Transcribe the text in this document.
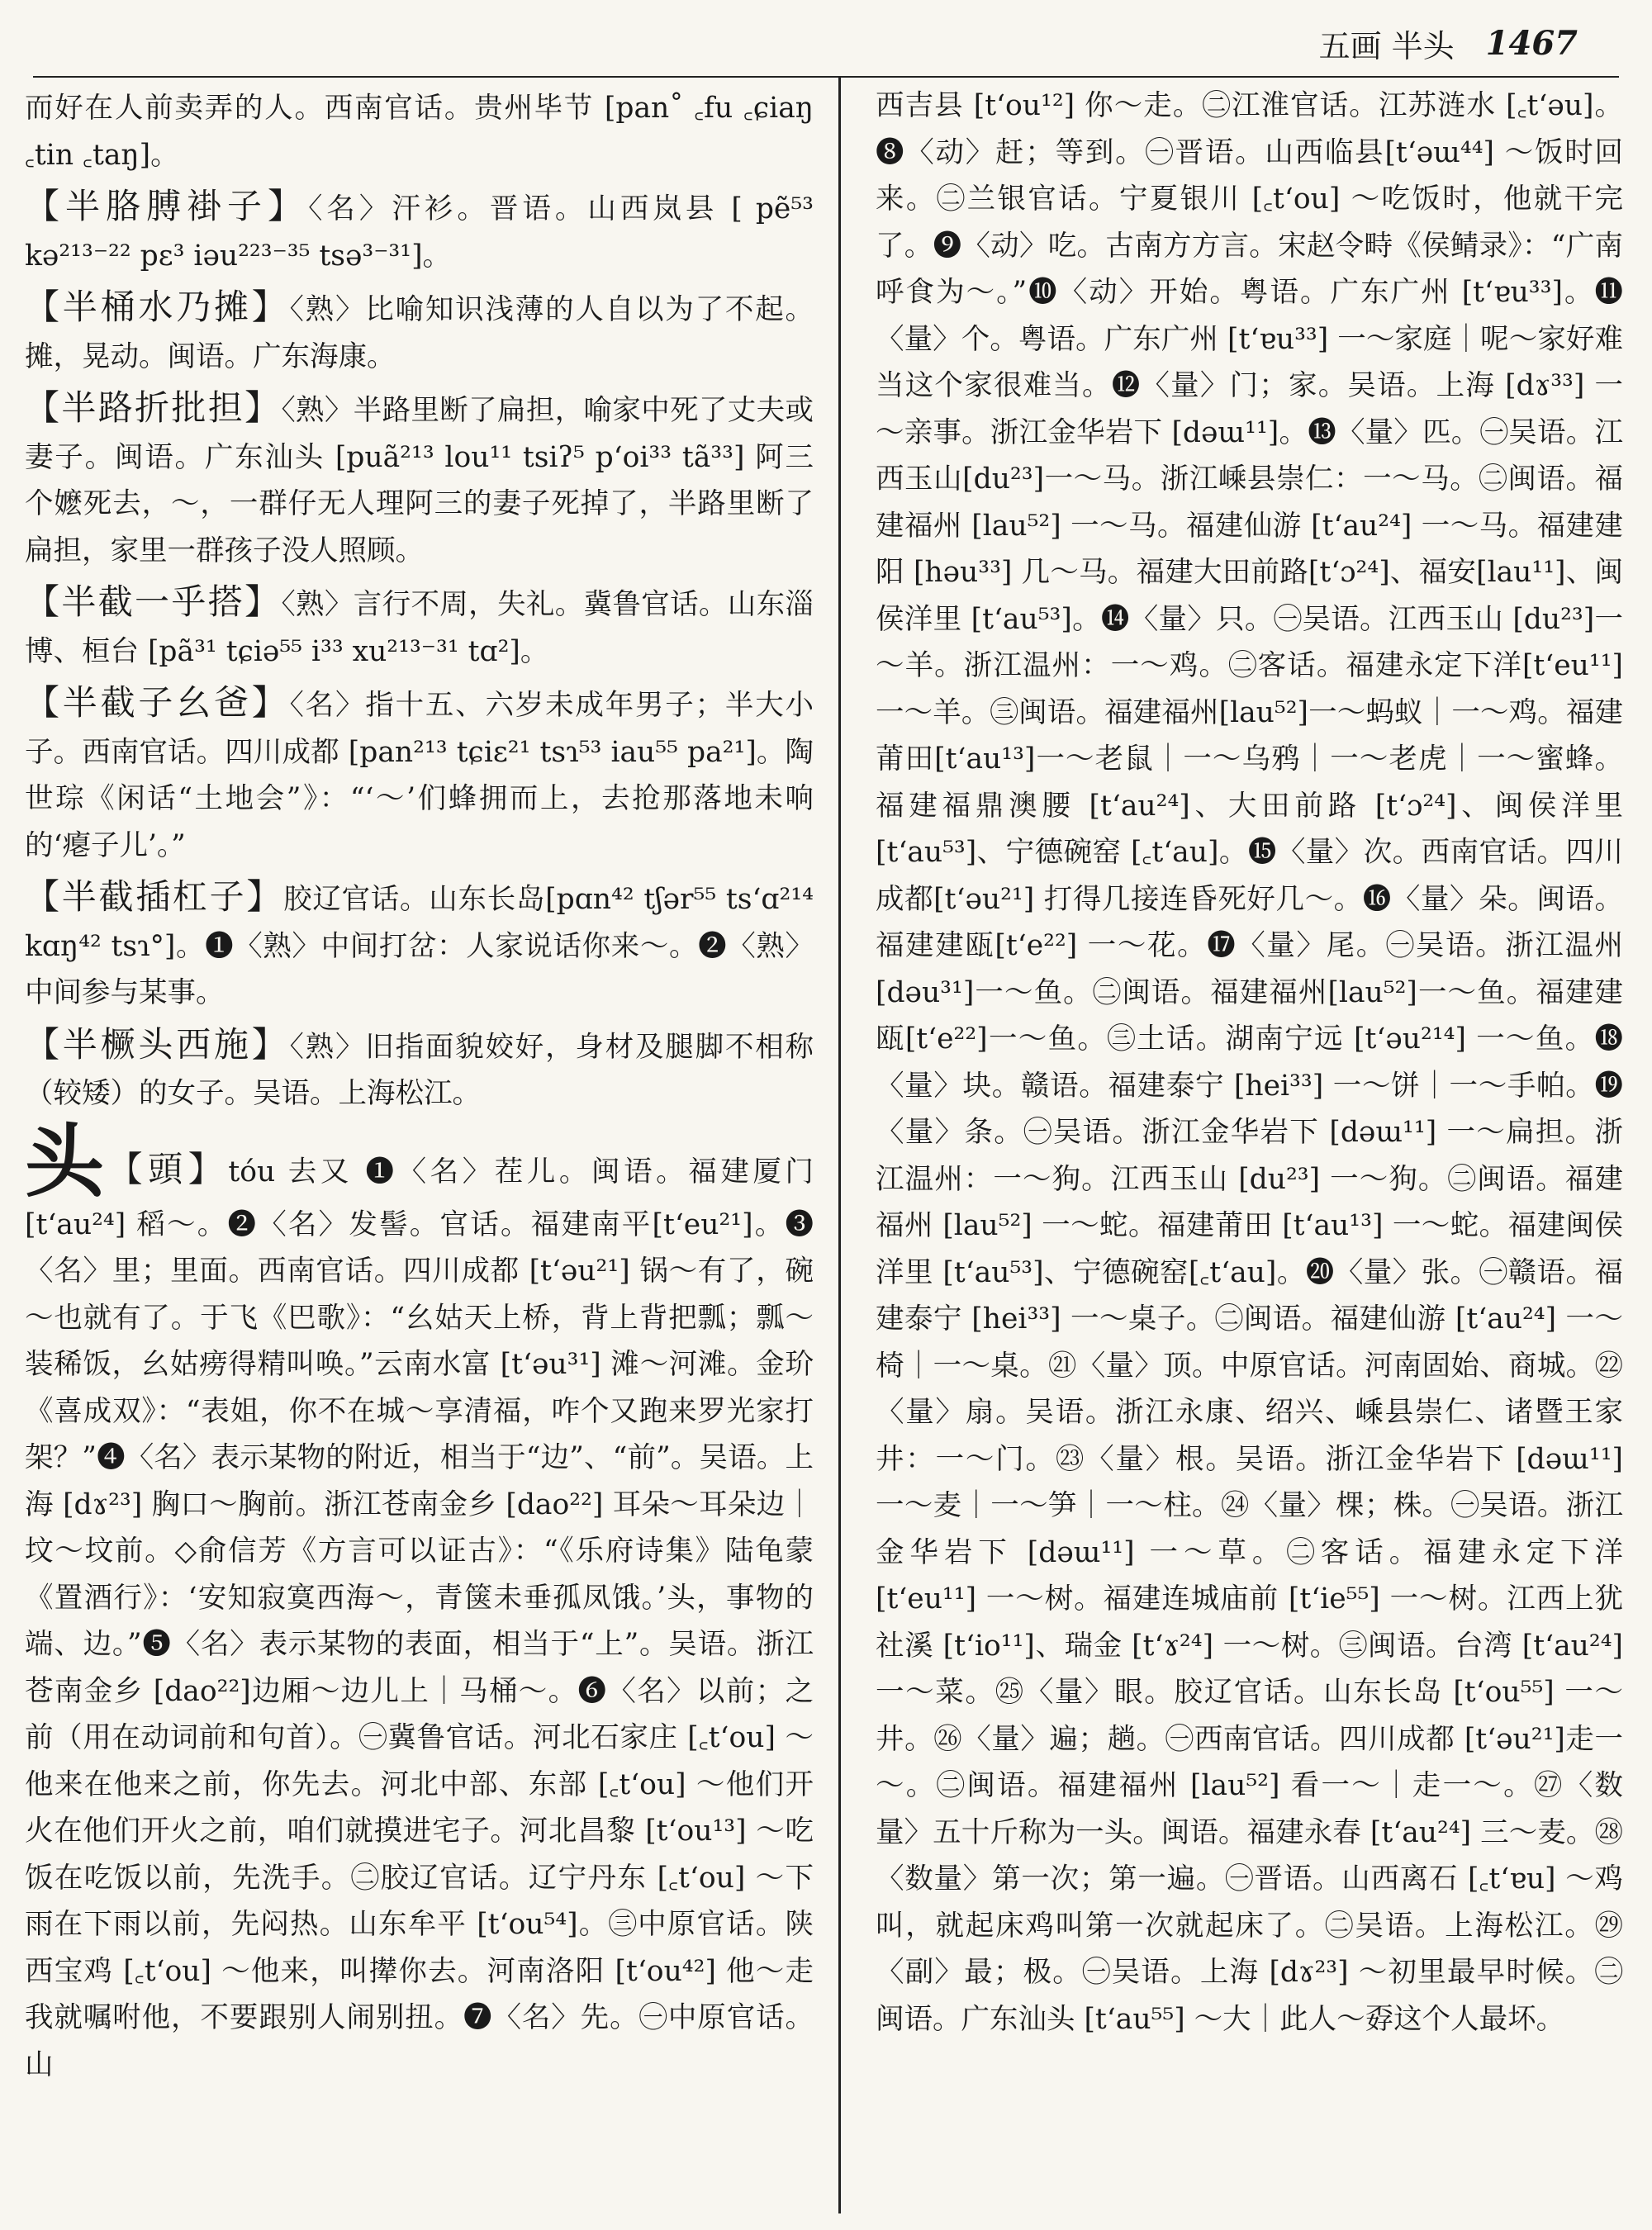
五画 半头 1467

而好在人前卖弄的人。西南官话。贵州毕节 [pan˚ ꜀fu ꜀ɕiaŋ ꜀tin ꜀taŋ]。

【半胳膊褂子】〈名〉汗衫。晋语。山西岚县 [ pẽ⁵³ kə²¹³⁻²² pɛ³ iəu²²³⁻³⁵ tsə³⁻³¹]。

【半桶水乃摊】〈熟〉比喻知识浅薄的人自以为了不起。摊，晃动。闽语。广东海康。

【半路折批担】〈熟〉半路里断了扁担，喻家中死了丈夫或妻子。闽语。广东汕头 [puã²¹³ lou¹¹ tsiʔ⁵ pʻoi³³ tã³³] 阿三个嬷死去，～，一群仔无人理阿三的妻子死掉了，半路里断了扁担，家里一群孩子没人照顾。

【半截一乎搭】〈熟〉言行不周，失礼。冀鲁官话。山东淄博、桓台 [pã³¹ tɕiə⁵⁵ i³³ xu²¹³⁻³¹ tɑ²]。

【半截子幺爸】〈名〉指十五、六岁未成年男子；半大小子。西南官话。四川成都 [pan²¹³ tɕiɛ²¹ tsɿ⁵³ iau⁵⁵ pa²¹]。陶世琮《闲话“土地会”》：“‘～’们蜂拥而上，去抢那落地未响的‘瘪子儿’。”

【半截插杠子】胶辽官话。山东长岛[pɑn⁴² tʃər⁵⁵ tsʻɑ²¹⁴ kɑŋ⁴² tsɿ°]。❶〈熟〉中间打岔：人家说话你来～。❷〈熟〉中间参与某事。

【半橛头西施】〈熟〉旧指面貌姣好，身材及腿脚不相称（较矮）的女子。吴语。上海松江。

头【頭】tóu 去又 ❶〈名〉茬儿。闽语。福建厦门 [tʻau²⁴] 稻～。❷〈名〉发髻。官话。福建南平[tʻeu²¹]。❸〈名〉里；里面。西南官话。四川成都 [tʻəu²¹] 锅～有了，碗～也就有了。于飞《巴歌》：“幺姑天上桥，背上背把瓢；瓢～装稀饭，幺姑痨得精叫唤。”云南水富 [tʻəu³¹] 滩～河滩。金玠《喜成双》：“表姐，你不在城～享清福，咋个又跑来罗光家打架？”❹〈名〉表示某物的附近，相当于“边”、“前”。吴语。上海 [dɤ²³] 胸口～胸前。浙江苍南金乡 [dao²²] 耳朵～耳朵边｜坟～坟前。◇俞信芳《方言可以证古》：“《乐府诗集》陆龟蒙《置酒行》：‘安知寂寞西海～，青箧未垂孤凤饿。’头，事物的端、边。”❺〈名〉表示某物的表面，相当于“上”。吴语。浙江苍南金乡 [dao²²]边厢～边儿上｜马桶～。❻〈名〉以前；之前（用在动词前和句首）。㊀冀鲁官话。河北石家庄 [꜀tʻou] ～他来在他来之前，你先去。河北中部、东部 [꜀tʻou] ～他们开火在他们开火之前，咱们就摸进宅子。河北昌黎 [tʻou¹³] ～吃饭在吃饭以前，先洗手。㊁胶辽官话。辽宁丹东 [꜀tʻou] ～下雨在下雨以前，先闷热。山东牟平 [tʻou⁵⁴]。㊂中原官话。陕西宝鸡 [꜀tʻou] ～他来，叫撵你去。河南洛阳 [tʻou⁴²] 他～走我就嘱咐他，不要跟别人闹别扭。❼〈名〉先。㊀中原官话。山

西吉县 [tʻou¹²] 你～走。㊁江淮官话。江苏涟水 [꜀tʻəu]。❽〈动〉赶；等到。㊀晋语。山西临县[tʻəɯ⁴⁴] ～饭时回来。㊁兰银官话。宁夏银川 [꜀tʻou] ～吃饭时，他就干完了。❾〈动〉吃。古南方方言。宋赵令畤《侯鲭录》：“广南呼食为～。”❿〈动〉开始。粤语。广东广州 [tʻɐu³³]。⓫〈量〉个。粤语。广东广州 [tʻɐu³³] 一～家庭｜呢～家好难当这个家很难当。⓬〈量〉门；家。吴语。上海 [dɤ³³] 一～亲事。浙江金华岩下 [dəɯ¹¹]。⓭〈量〉匹。㊀吴语。江西玉山[du²³]一～马。浙江嵊县崇仁：一～马。㊁闽语。福建福州 [lau⁵²] 一～马。福建仙游 [tʻau²⁴] 一～马。福建建阳 [həu³³] 几～马。福建大田前路[tʻɔ²⁴]、福安[lau¹¹]、闽侯洋里 [tʻau⁵³]。⓮〈量〉只。㊀吴语。江西玉山 [du²³]一～羊。浙江温州：一～鸡。㊁客话。福建永定下洋[tʻeu¹¹]一～羊。㊂闽语。福建福州[lau⁵²]一～蚂蚁｜一～鸡。福建莆田[tʻau¹³]一～老鼠｜一～乌鸦｜一～老虎｜一～蜜蜂。福建福鼎澳腰 [tʻau²⁴]、大田前路 [tʻɔ²⁴]、闽侯洋里 [tʻau⁵³]、宁德碗窑 [꜀tʻau]。⓯〈量〉次。西南官话。四川成都[tʻəu²¹] 打得几接连昏死好几～。⓰〈量〉朵。闽语。福建建瓯[tʻe²²] 一～花。⓱〈量〉尾。㊀吴语。浙江温州[dəu³¹]一～鱼。㊁闽语。福建福州[lau⁵²]一～鱼。福建建瓯[tʻe²²]一～鱼。㊂土话。湖南宁远 [tʻəu²¹⁴] 一～鱼。⓲〈量〉块。赣语。福建泰宁 [hei³³] 一～饼｜一～手帕。⓳〈量〉条。㊀吴语。浙江金华岩下 [dəɯ¹¹] 一～扁担。浙江温州：一～狗。江西玉山 [du²³] 一～狗。㊁闽语。福建福州 [lau⁵²] 一～蛇。福建莆田 [tʻau¹³] 一～蛇。福建闽侯洋里 [tʻau⁵³]、宁德碗窑[꜀tʻau]。⓴〈量〉张。㊀赣语。福建泰宁 [hei³³] 一～桌子。㊁闽语。福建仙游 [tʻau²⁴] 一～椅｜一～桌。㉑〈量〉顶。中原官话。河南固始、商城。㉒〈量〉扇。吴语。浙江永康、绍兴、嵊县崇仁、诸暨王家井：一～门。㉓〈量〉根。吴语。浙江金华岩下 [dəɯ¹¹] 一～麦｜一～笋｜一～柱。㉔〈量〉棵；株。㊀吴语。浙江金华岩下 [dəɯ¹¹] 一～草。㊁客话。福建永定下洋 [tʻeu¹¹] 一～树。福建连城庙前 [tʻie⁵⁵] 一～树。江西上犹社溪 [tʻio¹¹]、瑞金 [tʻɤ²⁴] 一～树。㊂闽语。台湾 [tʻau²⁴] 一～菜。㉕〈量〉眼。胶辽官话。山东长岛 [tʻou⁵⁵] 一～井。㉖〈量〉遍；趟。㊀西南官话。四川成都 [tʻəu²¹]走一～。㊁闽语。福建福州 [lau⁵²] 看一～｜走一～。㉗〈数量〉五十斤称为一头。闽语。福建永春 [tʻau²⁴] 三～麦。㉘〈数量〉第一次；第一遍。㊀晋语。山西离石 [꜀tʻɐu] ～鸡叫，就起床鸡叫第一次就起床了。㊁吴语。上海松江。㉙〈副〉最；极。㊀吴语。上海 [dɤ²³] ～初里最早时候。㊁闽语。广东汕头 [tʻau⁵⁵] ～大｜此人～孬这个人最坏。
